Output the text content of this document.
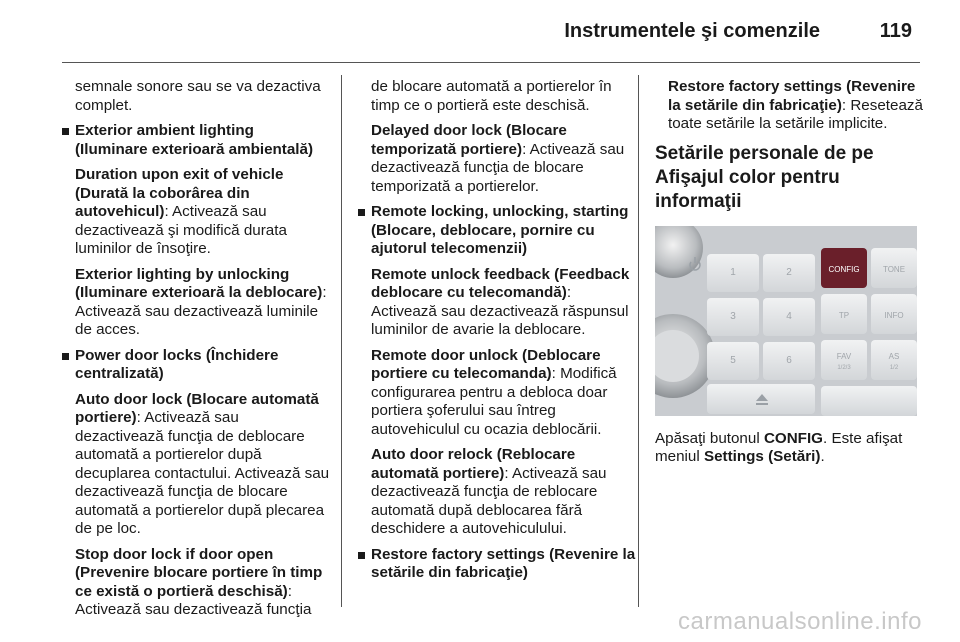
Instrumentele şi comenzile	119

semnale sonore sau se va dezactiva complet.

Exterior ambient lighting (Iluminare exterioară ambientală)

Duration upon exit of vehicle (Durată la coborârea din autovehicul): Activează sau dezactivează şi modifică durata luminilor de însoţire.

Exterior lighting by unlocking (Iluminare exterioară la deblocare): Activează sau dezactivează luminile de acces.

Power door locks (Închidere centralizată)

Auto door lock (Blocare automată portiere): Activează sau dezactivează funcţia de deblocare automată a portierelor după decuplarea contactului. Activează sau dezactivează funcţia de blocare automată a portierelor după plecarea de pe loc.

Stop door lock if door open (Prevenire blocare portiere în timp ce există o portieră deschisă): Activează sau dezactivează funcţia

de blocare automată a portierelor în timp ce o portieră este deschisă.

Delayed door lock (Blocare temporizată portiere): Activează sau dezactivează funcţia de blocare temporizată a portierelor.

Remote locking, unlocking, starting (Blocare, deblocare, pornire cu ajutorul telecomenzii)

Remote unlock feedback (Feedback deblocare cu telecomandă): Activează sau dezactivează răspunsul luminilor de avarie la deblocare.

Remote door unlock (Deblocare portiere cu telecomanda): Modifică configurarea pentru a debloca doar portiera şoferului sau întreg autovehiculul cu ocazia deblocării.

Auto door relock (Reblocare automată portiere): Activează sau dezactivează funcţia de reblocare automată după deblocarea fără deschidere a autovehiculului.

Restore factory settings (Revenire la setările din fabricaţie)

Restore factory settings (Revenire la setările din fabricaţie): Resetează toate setările la setările implicite.

Setările personale de pe Afişajul color pentru informaţii
1	2
3	4
5	6
CONFIG	TONE
TP	INFO
FAV
1/2/3
AS
1/2

Apăsaţi butonul CONFIG. Este afişat meniul Settings (Setări).

carmanualsonline.info
